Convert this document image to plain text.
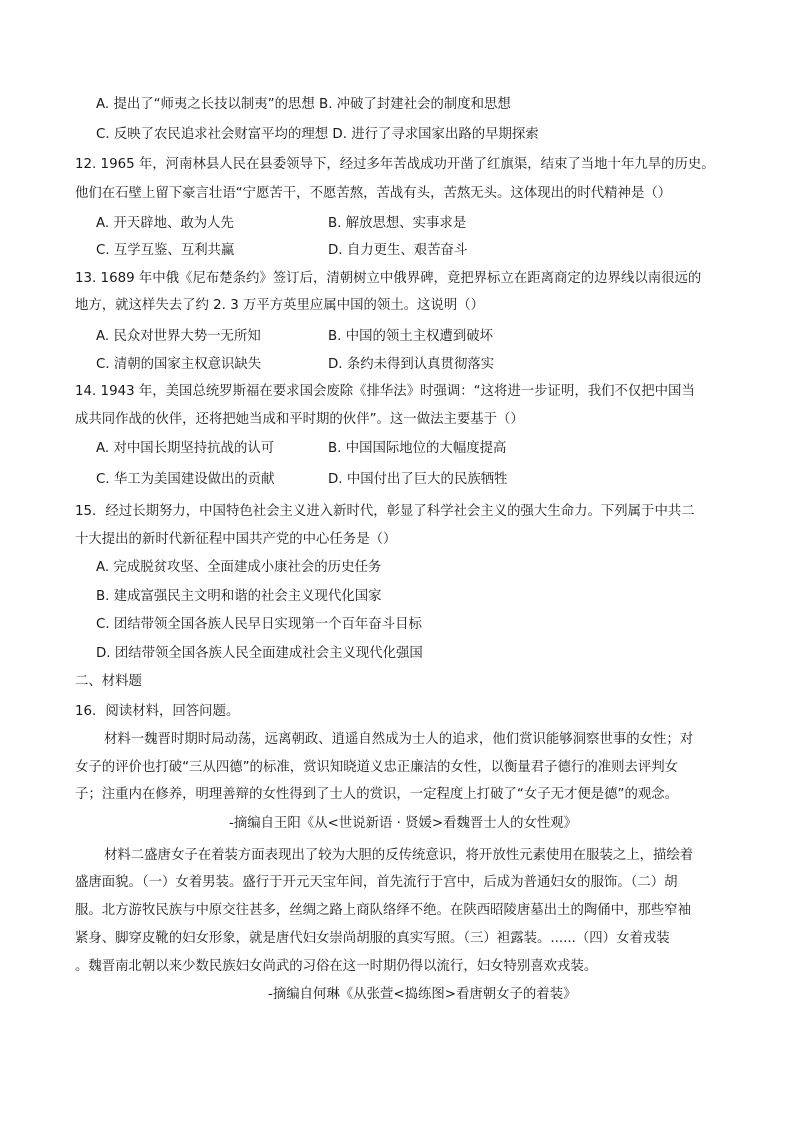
A. 提出了“师夷之长技以制夷”的思想 B. 冲破了封建社会的制度和思想
C. 反映了农民追求社会财富平均的理想 D. 进行了寻求国家出路的早期探索
12. 1965 年，河南林县人民在县委领导下，经过多年苦战成功开凿了红旗渠，结束了当地十年九旱的历史。
他们在石壁上留下豪言壮语“宁愿苦干，不愿苦熬，苦战有头，苦熬无头。这体现出的时代精神是（）
A. 开天辟地、敢为人先	B. 解放思想、实事求是
C. 互学互鉴、互利共赢	D. 自力更生、艰苦奋斗
13. 1689 年中俄《尼布楚条约》签订后，清朝树立中俄界碑，竟把界标立在距离商定的边界线以南很远的
地方，就这样失去了约 2. 3 万平方英里应属中国的领土。这说明（）
A. 民众对世界大势一无所知	B. 中国的领土主权遭到破坏
C. 清朝的国家主权意识缺失	D. 条约未得到认真贯彻落实
14. 1943 年，美国总统罗斯福在要求国会废除《排华法》时强调：“这将进一步证明，我们不仅把中国当
成共同作战的伙伴，还将把她当成和平时期的伙伴”。这一做法主要基于（）
A. 对中国长期坚持抗战的认可	B. 中国国际地位的大幅度提高
C. 华工为美国建设做出的贡献	D. 中国付出了巨大的民族牺牲
15．经过长期努力，中国特色社会主义进入新时代，彰显了科学社会主义的强大生命力。下列属于中共二
十大提出的新时代新征程中国共产党的中心任务是（）
A. 完成脱贫攻坚、全面建成小康社会的历史任务
B. 建成富强民主文明和谐的社会主义现代化国家
C. 团结带领全国各族人民早日实现第一个百年奋斗目标
D. 团结带领全国各族人民全面建成社会主义现代化强国
二、材料题
16．阅读材料，回答问题。
材料一魏晋时期时局动荡，远离朝政、逍遥自然成为士人的追求，他们赏识能够洞察世事的女性；对
女子的评价也打破“三从四德”的标准，赏识知晓道义忠正廉洁的女性，以衡量君子德行的准则去评判女
子；注重内在修养，明理善辩的女性得到了士人的赏识，一定程度上打破了“女子无才便是德”的观念。
-摘编自王阳《从<世说新语 · 贤媛>看魏晋士人的女性观》
材料二盛唐女子在着装方面表现出了较为大胆的反传统意识，将开放性元素使用在服装之上，描绘着
盛唐面貌。（一）女着男装。盛行于开元天宝年间，首先流行于宫中，后成为普通妇女的服饰。（二）胡
服。北方游牧民族与中原交往甚多，丝绸之路上商队络绎不绝。在陕西昭陵唐墓出土的陶俑中，那些窄袖
紧身、脚穿皮靴的妇女形象，就是唐代妇女崇尚胡服的真实写照。（三）袒露装。......（四）女着戎装
。魏晋南北朝以来少数民族妇女尚武的习俗在这一时期仍得以流行，妇女特别喜欢戎装。
-摘编自何琳《从张萱<捣练图>看唐朝女子的着装》
